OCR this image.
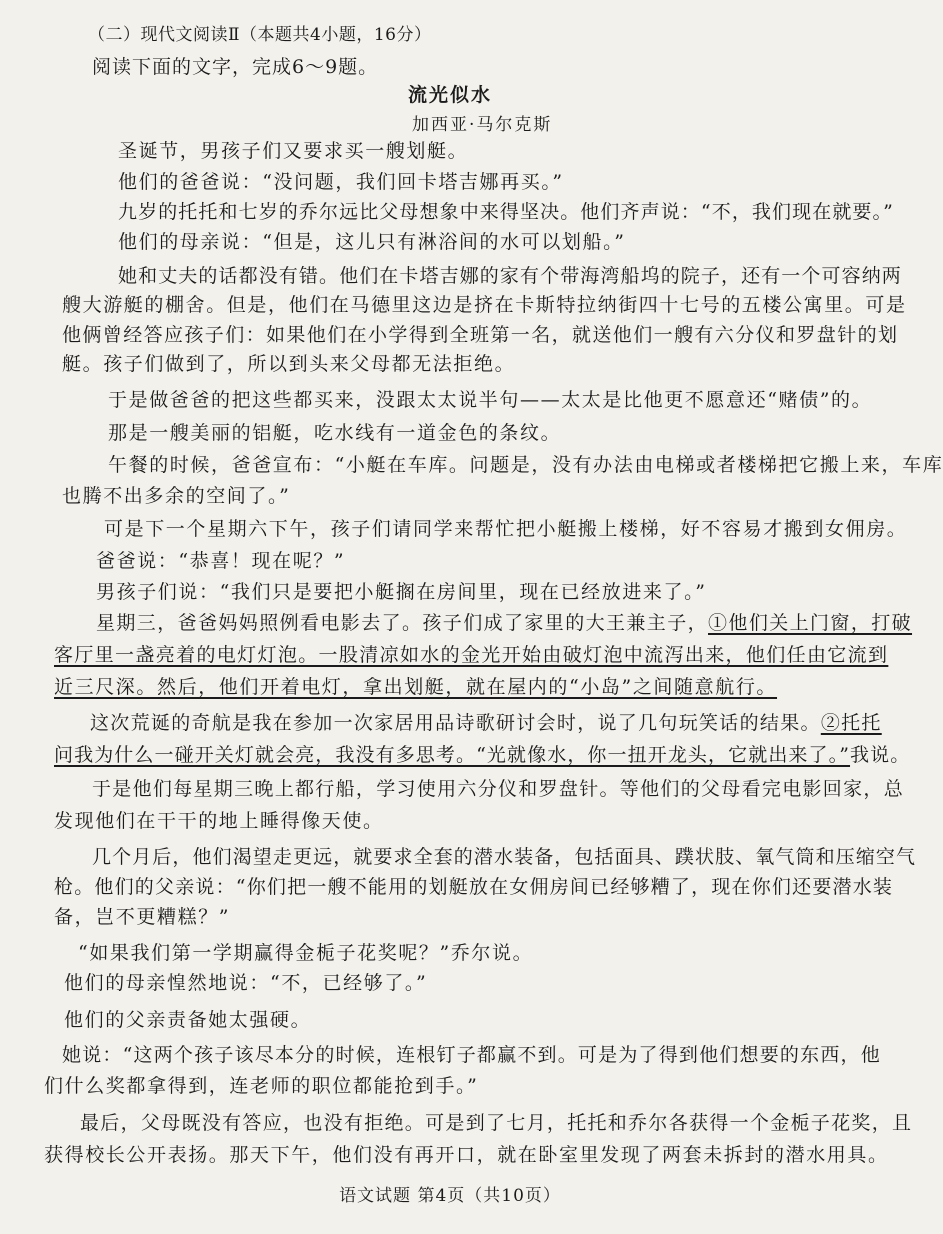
（二）现代文阅读Ⅱ（本题共4小题，16分）
阅读下面的文字，完成6～9题。
流光似水
加西亚·马尔克斯
圣诞节，男孩子们又要求买一艘划艇。
他们的爸爸说：“没问题，我们回卡塔吉娜再买。”
九岁的托托和七岁的乔尔远比父母想象中来得坚决。他们齐声说：“不，我们现在就要。”
他们的母亲说：“但是，这儿只有淋浴间的水可以划船。”
她和丈夫的话都没有错。他们在卡塔吉娜的家有个带海湾船坞的院子，还有一个可容纳两
艘大游艇的棚舍。但是，他们在马德里这边是挤在卡斯特拉纳街四十七号的五楼公寓里。可是
他俩曾经答应孩子们：如果他们在小学得到全班第一名，就送他们一艘有六分仪和罗盘针的划
艇。孩子们做到了，所以到头来父母都无法拒绝。
于是做爸爸的把这些都买来，没跟太太说半句——太太是比他更不愿意还“赌债”的。
那是一艘美丽的铝艇，吃水线有一道金色的条纹。
午餐的时候，爸爸宣布：“小艇在车库。问题是，没有办法由电梯或者楼梯把它搬上来，车库
也腾不出多余的空间了。”
可是下一个星期六下午，孩子们请同学来帮忙把小艇搬上楼梯，好不容易才搬到女佣房。
爸爸说：“恭喜！现在呢？”
男孩子们说：“我们只是要把小艇搁在房间里，现在已经放进来了。”
星期三，爸爸妈妈照例看电影去了。孩子们成了家里的大王兼主子，①他们关上门窗，打破
客厅里一盏亮着的电灯灯泡。一股清凉如水的金光开始由破灯泡中流泻出来，他们任由它流到
近三尺深。然后，他们开着电灯，拿出划艇，就在屋内的“小岛”之间随意航行。
这次荒诞的奇航是我在参加一次家居用品诗歌研讨会时，说了几句玩笑话的结果。②托托
问我为什么一碰开关灯就会亮，我没有多思考。“光就像水，你一扭开龙头，它就出来了。”我说。
于是他们每星期三晚上都行船，学习使用六分仪和罗盘针。等他们的父母看完电影回家，总
发现他们在干干的地上睡得像天使。
几个月后，他们渴望走更远，就要求全套的潜水装备，包括面具、蹼状肢、氧气筒和压缩空气
枪。他们的父亲说：“你们把一艘不能用的划艇放在女佣房间已经够糟了，现在你们还要潜水装
备，岂不更糟糕？”
“如果我们第一学期赢得金栀子花奖呢？”乔尔说。
他们的母亲惶然地说：“不，已经够了。”
他们的父亲责备她太强硬。
她说：“这两个孩子该尽本分的时候，连根钉子都赢不到。可是为了得到他们想要的东西，他
们什么奖都拿得到，连老师的职位都能抢到手。”
最后，父母既没有答应，也没有拒绝。可是到了七月，托托和乔尔各获得一个金栀子花奖，且
获得校长公开表扬。那天下午，他们没有再开口，就在卧室里发现了两套未拆封的潜水用具。
语文试题 第4页（共10页）
